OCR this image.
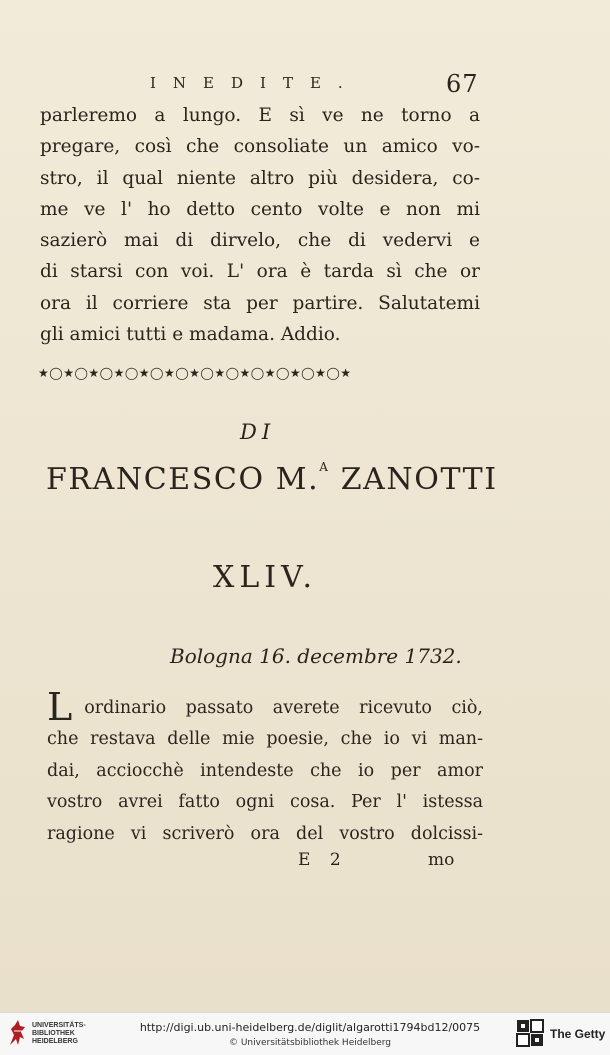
INEDITE.	67
parleremo a lungo. E sì ve ne torno a
pregare, così che consoliate un amico vo-
stro, il qual niente altro più desidera, co-
me ve l' ho detto cento volte e non mi
sazierò mai di dirvelo, che di vedervi e
di starsi con voi. L' ora è tarda sì che or
ora il corriere sta per partire. Salutatemi
gli amici tutti e madama. Addio.
★◯★◯★◯★◯★◯★◯★◯★◯★◯★◯★◯★◯★
DI
FRANCESCO M.$^A$ ZANOTTI
XLIV.
Bologna 16. decembre 1732.
L ordinario passato averete ricevuto ciò,
che restava delle mie poesie, che io vi man-
dai, acciocchè intendeste che io per amor
vostro avrei fatto ogni cosa. Per l' istessa
ragione vi scriverò ora del vostro dolcissi-
E 2	mo
UNIVERSITÄTS-BIBLIOTHEK HEIDELBERG
http://digi.ub.uni-heidelberg.de/diglit/algarotti1794bd12/0075
© Universitätsbibliothek Heidelberg
The Getty
